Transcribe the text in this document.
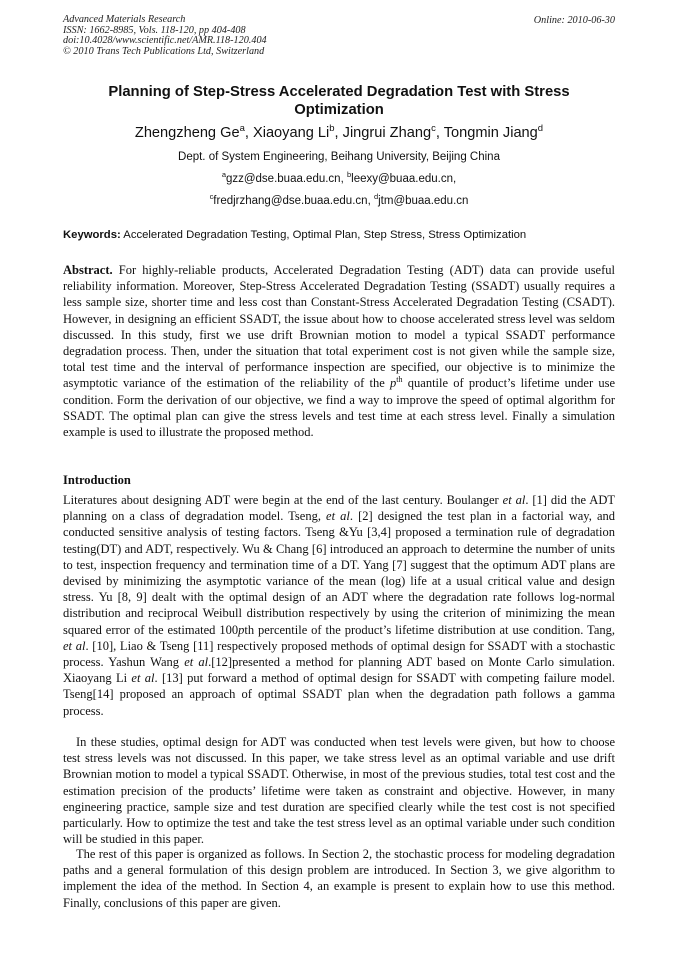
Advanced Materials Research
ISSN: 1662-8985, Vols. 118-120, pp 404-408
doi:10.4028/www.scientific.net/AMR.118-120.404
© 2010 Trans Tech Publications Ltd, Switzerland
Online: 2010-06-30
Planning of Step-Stress Accelerated Degradation Test with Stress Optimization
Zhengzheng Ge$^a$, Xiaoyang Li$^b$, Jingrui Zhang$^c$, Tongmin Jiang$^d$
Dept. of System Engineering, Beihang University, Beijing China
$^a$gzz@dse.buaa.edu.cn, $^b$leexy@buaa.edu.cn,
$^c$fredjrzhang@dse.buaa.edu.cn, $^d$jtm@buaa.edu.cn
Keywords: Accelerated Degradation Testing, Optimal Plan, Step Stress, Stress Optimization
Abstract. For highly-reliable products, Accelerated Degradation Testing (ADT) data can provide useful reliability information. Moreover, Step-Stress Accelerated Degradation Testing (SSADT) usually requires a less sample size, shorter time and less cost than Constant-Stress Accelerated Degradation Testing (CSADT). However, in designing an efficient SSADT, the issue about how to choose accelerated stress level was seldom discussed. In this study, first we use drift Brownian motion to model a typical SSADT performance degradation process. Then, under the situation that total experiment cost is not given while the sample size, total test time and the interval of performance inspection are specified, our objective is to minimize the asymptotic variance of the estimation of the reliability of the $p^{th}$ quantile of product’s lifetime under use condition. Form the derivation of our objective, we find a way to improve the speed of optimal algorithm for SSADT. The optimal plan can give the stress levels and test time at each stress level. Finally a simulation example is used to illustrate the proposed method.
Introduction
Literatures about designing ADT were begin at the end of the last century. Boulanger et al. [1] did the ADT planning on a class of degradation model. Tseng, et al. [2] designed the test plan in a factorial way, and conducted sensitive analysis of testing factors. Tseng &Yu [3,4] proposed a termination rule of degradation testing(DT) and ADT, respectively. Wu & Chang [6] introduced an approach to determine the number of units to test, inspection frequency and termination time of a DT. Yang [7] suggest that the optimum ADT plans are devised by minimizing the asymptotic variance of the mean (log) life at a usual critical value and design stress. Yu [8, 9] dealt with the optimal design of an ADT where the degradation rate follows log-normal distribution and reciprocal Weibull distribution respectively by using the criterion of minimizing the mean squared error of the estimated 100pth percentile of the product’s lifetime distribution at use condition. Tang, et al. [10], Liao & Tseng [11] respectively proposed methods of optimal design for SSADT with a stochastic process. Yashun Wang et al.[12]presented a method for planning ADT based on Monte Carlo simulation. Xiaoyang Li et al. [13] put forward a method of optimal design for SSADT with competing failure model. Tseng[14] proposed an approach of optimal SSADT plan when the degradation path follows a gamma process.
In these studies, optimal design for ADT was conducted when test levels were given, but how to choose test stress levels was not discussed. In this paper, we take stress level as an optimal variable and use drift Brownian motion to model a typical SSADT. Otherwise, in most of the previous studies, total test cost and the estimation precision of the products’ lifetime were taken as constraint and objective. However, in many engineering practice, sample size and test duration are specified clearly while the test cost is not specified particularly. How to optimize the test and take the test stress level as an optimal variable under such condition will be studied in this paper.
The rest of this paper is organized as follows. In Section 2, the stochastic process for modeling degradation paths and a general formulation of this design problem are introduced. In Section 3, we give algorithm to implement the idea of the method. In Section 4, an example is present to explain how to use this method. Finally, conclusions of this paper are given.
